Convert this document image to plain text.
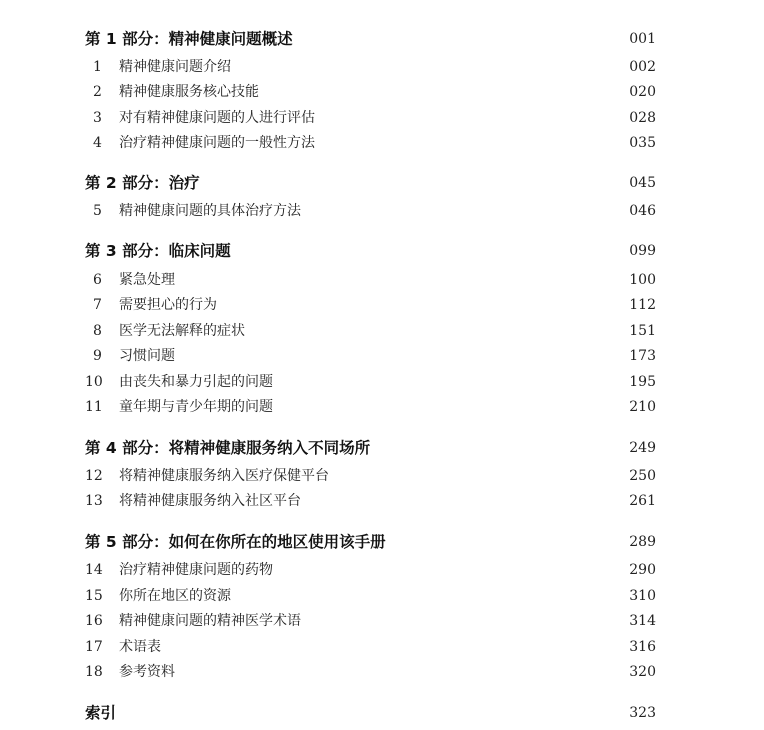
第 1 部分：精神健康问题概述	001
1	精神健康问题介绍	002
2	精神健康服务核心技能	020
3	对有精神健康问题的人进行评估	028
4	治疗精神健康问题的一般性方法	035
第 2 部分：治疗	045
5	精神健康问题的具体治疗方法	046
第 3 部分：临床问题	099
6	紧急处理	100
7	需要担心的行为	112
8	医学无法解释的症状	151
9	习惯问题	173
10	由丧失和暴力引起的问题	195
11	童年期与青少年期的问题	210
第 4 部分：将精神健康服务纳入不同场所	249
12	将精神健康服务纳入医疗保健平台	250
13	将精神健康服务纳入社区平台	261
第 5 部分：如何在你所在的地区使用该手册	289
14	治疗精神健康问题的药物	290
15	你所在地区的资源	310
16	精神健康问题的精神医学术语	314
17	术语表	316
18	参考资料	320
索引	323
